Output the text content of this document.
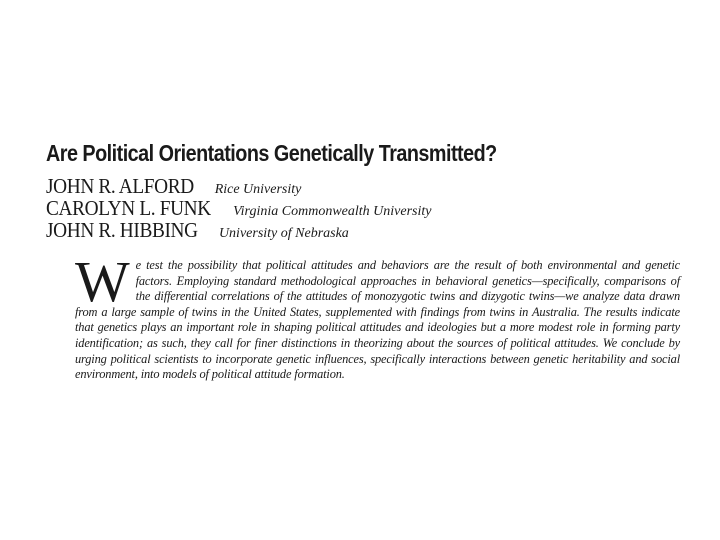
Are Political Orientations Genetically Transmitted?
JOHN R. ALFORD Rice University
CAROLYN L. FUNK Virginia Commonwealth University
JOHN R. HIBBING University of Nebraska
We test the possibility that political attitudes and behaviors are the result of both environmental and genetic factors. Employing standard methodological approaches in behavioral genetics—specifically, comparisons of the differential correlations of the attitudes of monozygotic twins and dizygotic twins—we analyze data drawn from a large sample of twins in the United States, supplemented with findings from twins in Australia. The results indicate that genetics plays an important role in shaping political attitudes and ideologies but a more modest role in forming party identification; as such, they call for finer distinctions in theorizing about the sources of political attitudes. We conclude by urging political scientists to incorporate genetic influences, specifically interactions between genetic heritability and social environment, into models of political attitude formation.
